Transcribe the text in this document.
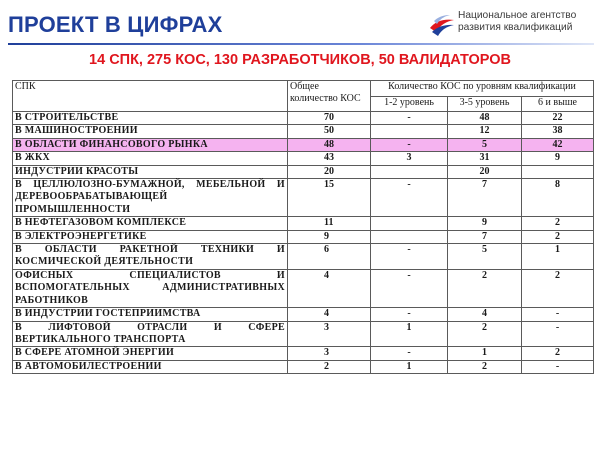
ПРОЕКТ В ЦИФРАХ	Национальное агентство
развития квалификаций
14 СПК, 275 КОС, 130 РАЗРАБОТЧИКОВ, 50 ВАЛИДАТОРОВ
СПК	Общее количество КОС	Количество КОС по уровням квалификации		
		1-2 уровень	3-5 уровень	6 и выше
В СТРОИТЕЛЬСТВЕ	70	-	48	22
В МАШИНОСТРОЕНИИ	50		12	38
В ОБЛАСТИ ФИНАНСОВОГО РЫНКА	48	-	5	42
В ЖКХ	43	3	31	9
ИНДУСТРИИ КРАСОТЫ	20		20	
В ЦЕЛЛЮЛОЗНО-БУМАЖНОЙ, МЕБЕЛЬНОЙ И ДЕРЕВООБРАБАТЫВАЮЩЕЙ ПРОМЫШЛЕННОСТИ	15	-	7	8
В НЕФТЕГАЗОВОМ КОМПЛЕКСЕ	11		9	2
В ЭЛЕКТРОЭНЕРГЕТИКЕ	9		7	2
В ОБЛАСТИ РАКЕТНОЙ ТЕХНИКИ И КОСМИЧЕСКОЙ ДЕЯТЕЛЬНОСТИ	6	-	5	1
ОФИСНЫХ СПЕЦИАЛИСТОВ И ВСПОМОГАТЕЛЬНЫХ АДМИНИСТРАТИВНЫХ РАБОТНИКОВ	4	-	2	2
В ИНДУСТРИИ ГОСТЕПРИИМСТВА	4	-	4	-
В ЛИФТОВОЙ ОТРАСЛИ И СФЕРЕ ВЕРТИКАЛЬНОГО ТРАНСПОРТА	3	1	2	-
В СФЕРЕ АТОМНОЙ ЭНЕРГИИ	3	-	1	2
В АВТОМОБИЛЕСТРОЕНИИ	2	1	2	-
